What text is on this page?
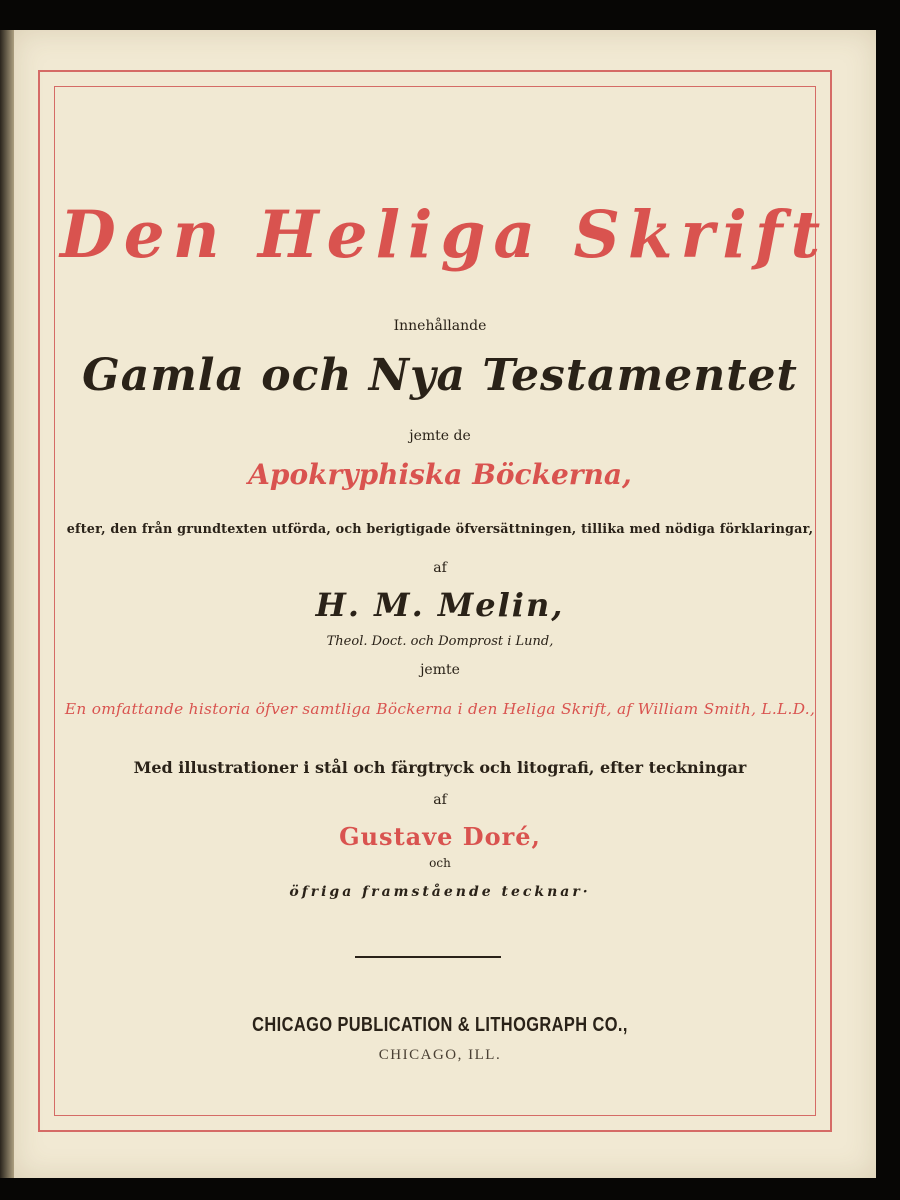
Den Heliga Skrift
Innehållande
Gamla och Nya Testamentet
jemte de
Apokryphiska Böckerna,
efter, den från grundtexten utförda, och berigtigade öfversättningen, tillika med nödiga förklaringar,
af
H. M. Melin,
Theol. Doct. och Domprost i Lund,
jemte
En omfattande historia öfver samtliga Böckerna i den Heliga Skrift, af William Smith, L.L.D.,
Med illustrationer i stål och färgtryck och litografi, efter teckningar
af
Gustave Doré,
och
öfriga framstående tecknar·
CHICAGO PUBLICATION & LITHOGRAPH CO.,
CHICAGO, ILL.
